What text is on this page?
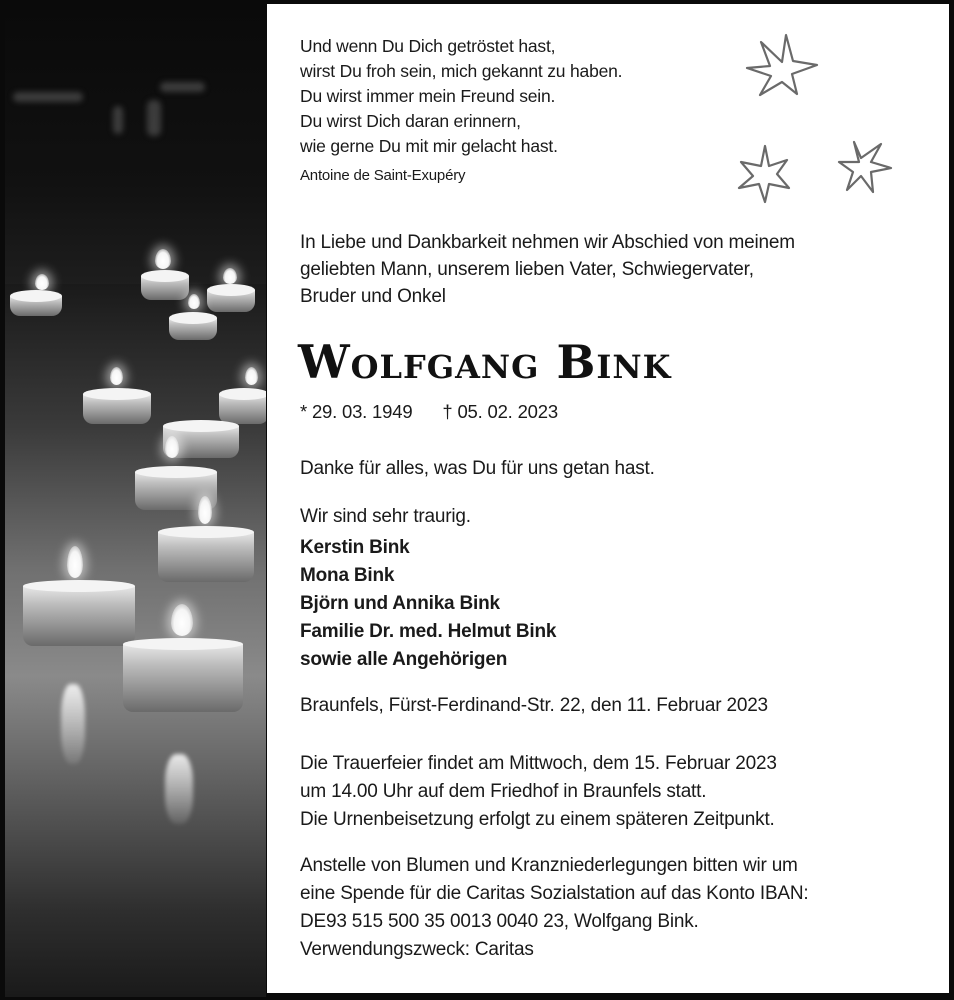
Und wenn Du Dich getröstet hast,
wirst Du froh sein, mich gekannt zu haben.
Du wirst immer mein Freund sein.
Du wirst Dich daran erinnern,
wie gerne Du mit mir gelacht hast.
Antoine de Saint-Exupéry
In Liebe und Dankbarkeit nehmen wir Abschied von meinem
geliebten Mann, unserem lieben Vater, Schwiegervater,
Bruder und Onkel
Wolfgang Bink
* 29. 03. 1949 † 05. 02. 2023
Danke für alles, was Du für uns getan hast.
Wir sind sehr traurig.
Kerstin Bink
Mona Bink
Björn und Annika Bink
Familie Dr. med. Helmut Bink
sowie alle Angehörigen
Braunfels, Fürst-Ferdinand-Str. 22, den 11. Februar 2023
Die Trauerfeier findet am Mittwoch, dem 15. Februar 2023
um 14.00 Uhr auf dem Friedhof in Braunfels statt.
Die Urnenbeisetzung erfolgt zu einem späteren Zeitpunkt.
Anstelle von Blumen und Kranzniederlegungen bitten wir um
eine Spende für die Caritas Sozialstation auf das Konto IBAN:
DE93 515 500 35 0013 0040 23, Wolfgang Bink.
Verwendungszweck: Caritas
